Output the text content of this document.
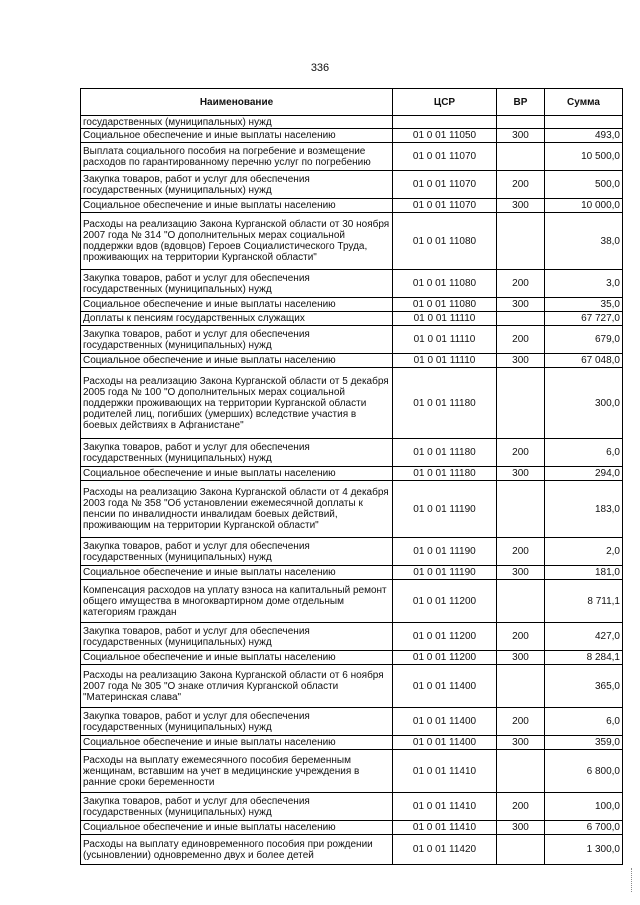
336
Наименование	ЦСР	ВР	Сумма
государственных (муниципальных) нужд			
Социальное обеспечение и иные выплаты населению	01 0 01 11050	300	493,0
Выплата социального пособия на погребение и возмещение расходов по гарантированному перечню услуг по погребению	01 0 01 11070		10 500,0
Закупка товаров, работ и услуг для обеспечения государственных (муниципальных) нужд	01 0 01 11070	200	500,0
Социальное обеспечение и иные выплаты населению	01 0 01 11070	300	10 000,0
Расходы на реализацию Закона Курганской области от 30 ноября 2007 года № 314 "О дополнительных мерах социальной поддержки вдов (вдовцов) Героев Социалистического Труда, проживающих на территории Курганской области"	01 0 01 11080		38,0
Закупка товаров, работ и услуг для обеспечения государственных (муниципальных) нужд	01 0 01 11080	200	3,0
Социальное обеспечение и иные выплаты населению	01 0 01 11080	300	35,0
Доплаты к пенсиям государственных служащих	01 0 01 11110		67 727,0
Закупка товаров, работ и услуг для обеспечения государственных (муниципальных) нужд	01 0 01 11110	200	679,0
Социальное обеспечение и иные выплаты населению	01 0 01 11110	300	67 048,0
Расходы на реализацию Закона Курганской области от 5 декабря 2005 года № 100 "О дополнительных мерах социальной поддержки проживающих на территории Курганской области родителей лиц, погибших (умерших) вследствие участия в боевых действиях в Афганистане"	01 0 01 11180		300,0
Закупка товаров, работ и услуг для обеспечения государственных (муниципальных) нужд	01 0 01 11180	200	6,0
Социальное обеспечение и иные выплаты населению	01 0 01 11180	300	294,0
Расходы на реализацию Закона Курганской области от 4 декабря 2003 года № 358 "Об установлении ежемесячной доплаты к пенсии по инвалидности инвалидам боевых действий, проживающим на территории Курганской области"	01 0 01 11190		183,0
Закупка товаров, работ и услуг для обеспечения государственных (муниципальных) нужд	01 0 01 11190	200	2,0
Социальное обеспечение и иные выплаты населению	01 0 01 11190	300	181,0
Компенсация расходов на уплату взноса на капитальный ремонт общего имущества в многоквартирном доме отдельным категориям граждан	01 0 01 11200		8 711,1
Закупка товаров, работ и услуг для обеспечения государственных (муниципальных) нужд	01 0 01 11200	200	427,0
Социальное обеспечение и иные выплаты населению	01 0 01 11200	300	8 284,1
Расходы на реализацию Закона Курганской области от 6 ноября 2007 года № 305 "О знаке отличия Курганской области "Материнская слава"	01 0 01 11400		365,0
Закупка товаров, работ и услуг для обеспечения государственных (муниципальных) нужд	01 0 01 11400	200	6,0
Социальное обеспечение и иные выплаты населению	01 0 01 11400	300	359,0
Расходы на выплату ежемесячного пособия беременным женщинам, вставшим на учет в медицинские учреждения в ранние сроки беременности	01 0 01 11410		6 800,0
Закупка товаров, работ и услуг для обеспечения государственных (муниципальных) нужд	01 0 01 11410	200	100,0
Социальное обеспечение и иные выплаты населению	01 0 01 11410	300	6 700,0
Расходы на выплату единовременного пособия при рождении (усыновлении) одновременно двух и более детей	01 0 01 11420		1 300,0
